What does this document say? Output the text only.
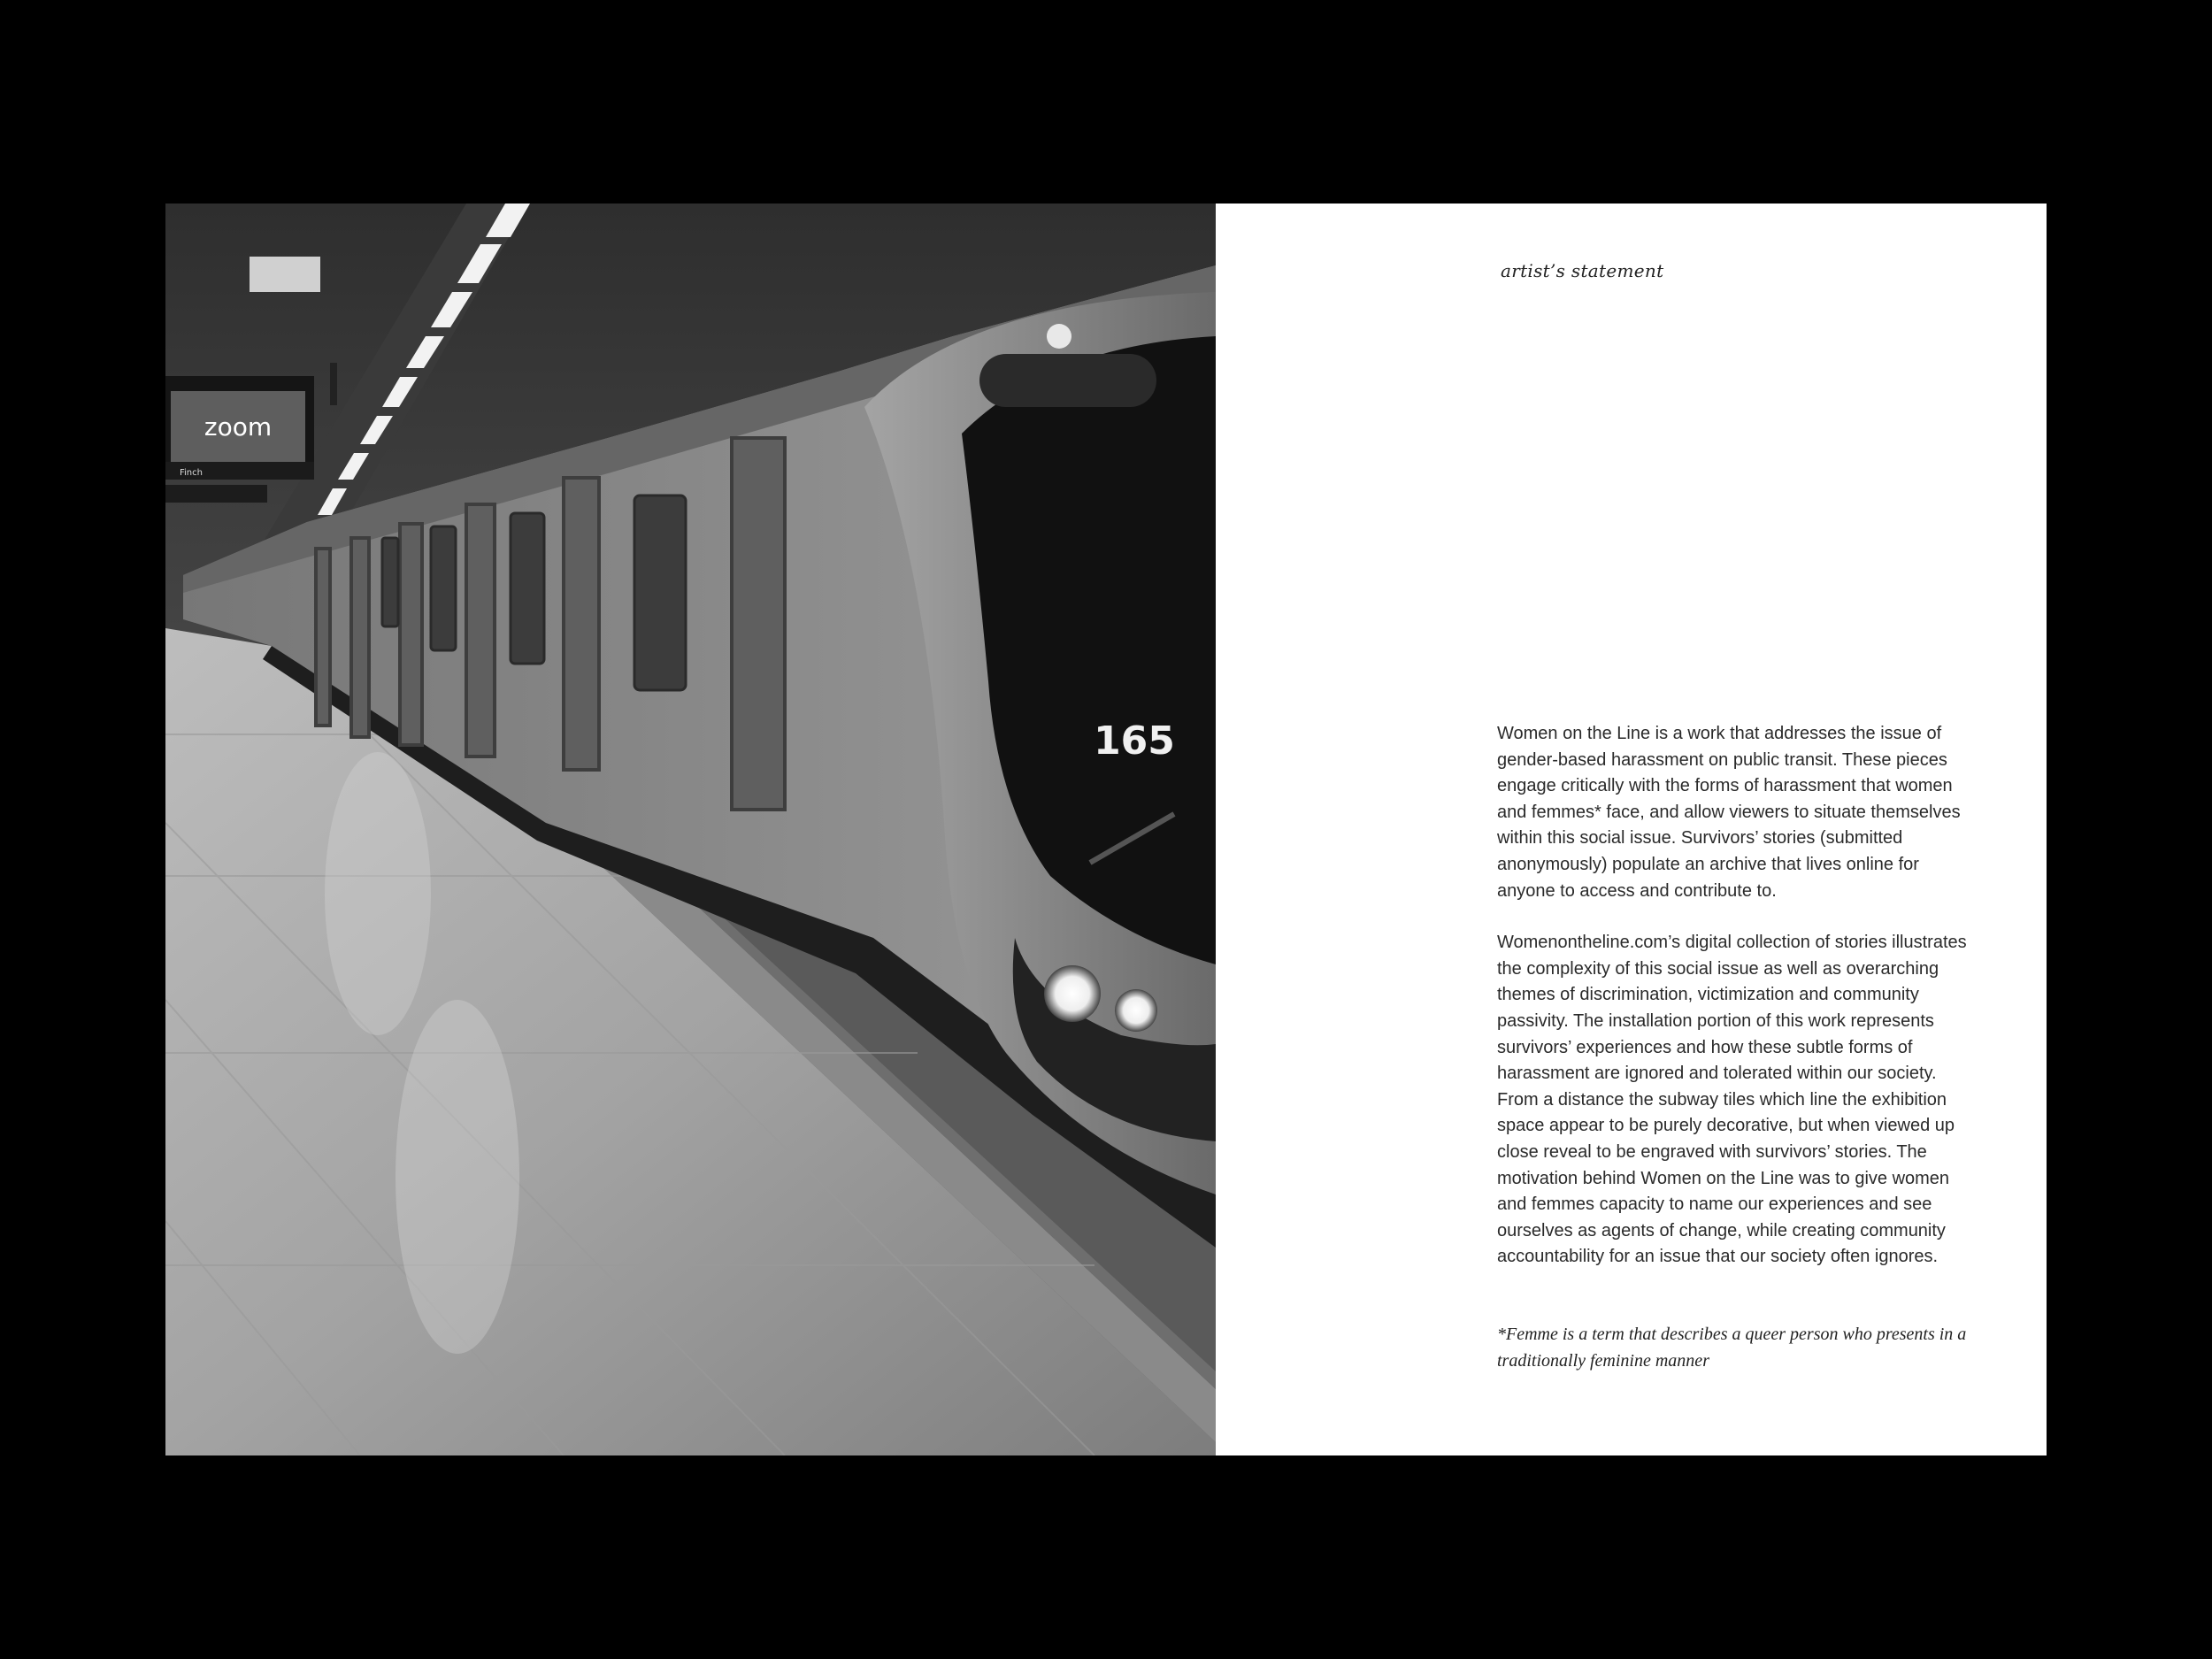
zoom
Finch
165
artist’s statement

Women on the Line is a work that addresses the issue of gender-based harassment on public transit. These pieces engage critically with the forms of harassment that women and femmes* face, and allow viewers to situate themselves within this social issue. Survivors’ stories (submitted anonymously) populate an archive that lives online for anyone to access and contribute to.

Womenontheline.com’s digital collection of stories illustrates the complexity of this social issue as well as overarching themes of discrimination, victimization and community passivity. The installation portion of this work represents survivors’ experiences and how these subtle forms of harassment are ignored and tolerated within our society. From a distance the subway tiles which line the exhibition space appear to be purely decorative, but when viewed up close reveal to be engraved with survivors’ stories. The motivation behind Women on the Line was to give women and femmes capacity to name our experiences and see ourselves as agents of change, while creating community accountability for an issue that our society often ignores.

*Femme is a term that describes a queer person who presents in a traditionally feminine manner
